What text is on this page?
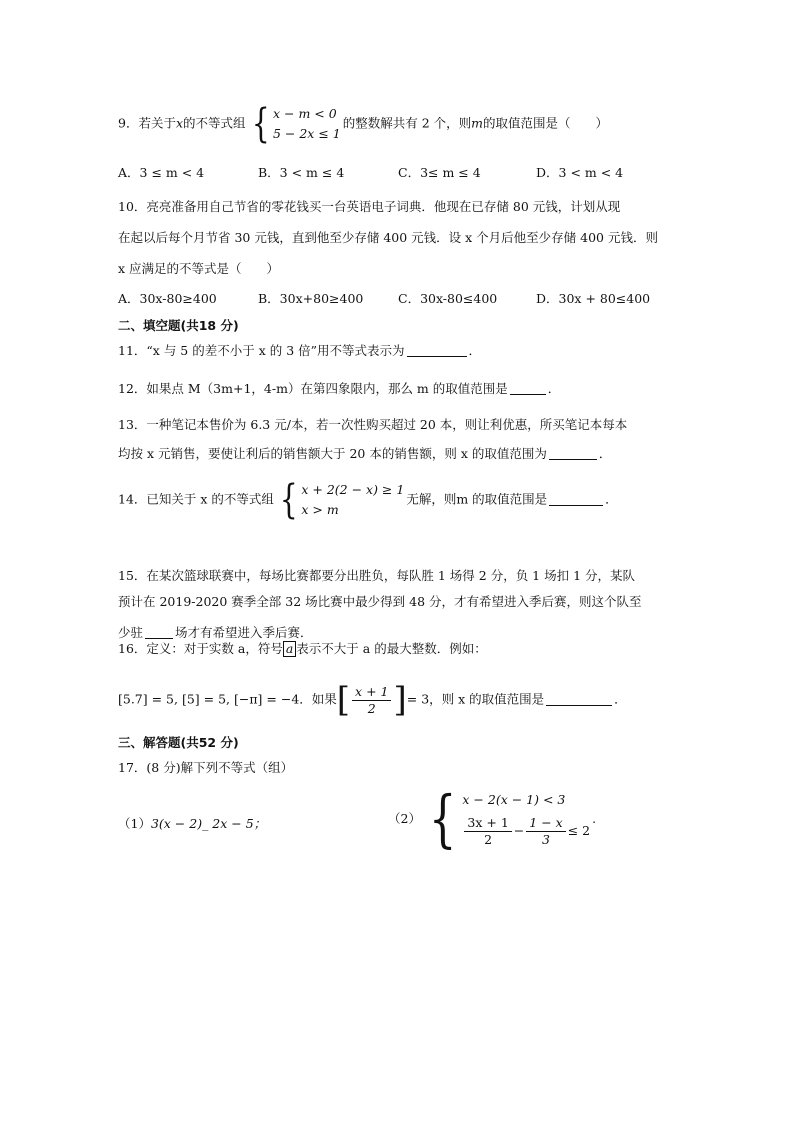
9．若关于x的不等式组 { x − m < 0
5 − 2x ≤ 1
的整数解共有 2 个，则m的取值范围是（　　）
A．3 ≤ m < 4	B．3 < m ≤ 4	C．3≤ m ≤ 4	D．3 < m < 4
10．亮亮准备用自己节省的零花钱买一台英语电子词典．他现在已存储 80 元钱，计划从现
在起以后每个月节省 30 元钱，直到他至少存储 400 元钱．设 x 个月后他至少存储 400 元钱．则
x 应满足的不等式是（　　）
A．30x-80≥400	B．30x+80≥400	C．30x-80≤400	D．30x + 80≤400
二、填空题(共18 分)
11．“x 与 5 的差不小于 x 的 3 倍”用不等式表示为	．
12．如果点 M（3m+1，4-m）在第四象限内，那么 m 的取值范围是	．
13．一种笔记本售价为 6.3 元/本，若一次性购买超过 20 本，则让利优惠，所买笔记本每本
均按 x 元销售，要使让利后的销售额大于 20 本的销售额，则 x 的取值范围为	．
14．已知关于 x 的不等式组 { x + 2(2 − x) ≥ 1
x > m
无解，则m 的取值范围是	．
15．在某次篮球联赛中，每场比赛都要分出胜负，每队胜 1 场得 2 分，负 1 场扣 1 分，某队
预计在 2019-2020 赛季全部 32 场比赛中最少得到 48 分，才有希望进入季后赛，则这个队至
少驻	场才有希望进入季后赛．
16．定义：对于实数 a，符号 a 表示不大于 a 的最大整数．例如：
[5.7] = 5, [5] = 5, [−π] = −4．如果[ $\frac{x + 1}{2}$ ]= 3，则 x 的取值范围是	．
三、解答题(共52 分)
17．(8 分)解下列不等式（组）
（1）3(x − 2)_ 2x − 5；	（2） { x − 2(x − 1) < 3
$\frac{3x + 1}{2} - \frac{1 - x}{3} \le 2$
.
